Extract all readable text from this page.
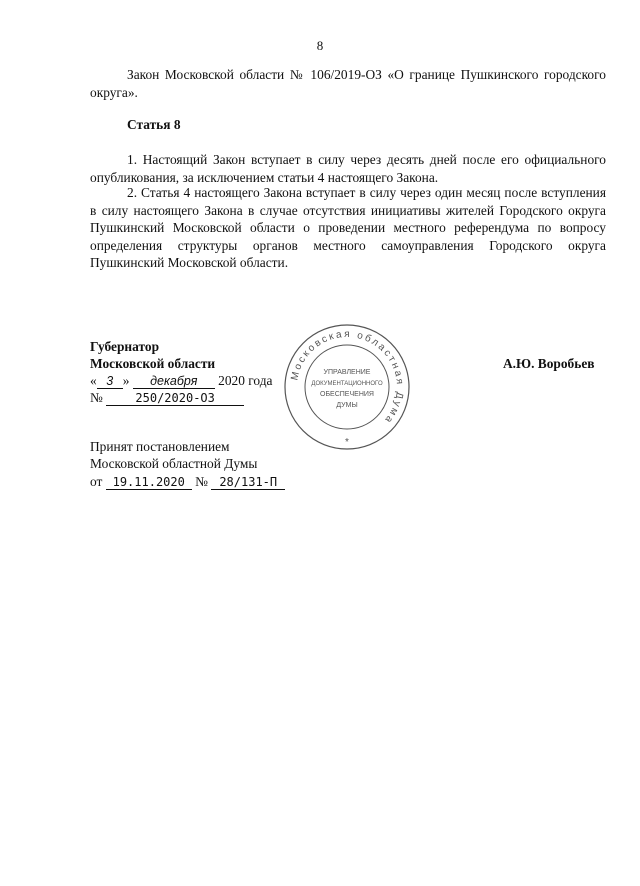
8
Закон Московской области № 106/2019-ОЗ «О границе Пушкинского городского округа».
Статья 8
1. Настоящий Закон вступает в силу через десять дней после его официального опубликования, за исключением статьи 4 настоящего Закона.
2. Статья 4 настоящего Закона вступает в силу через один месяц после вступления в силу настоящего Закона в случае отсутствия инициативы жителей Городского округа Пушкинский Московской области о проведении местного референдума по вопросу определения структуры органов местного самоуправления Городского округа Пушкинский Московской области.
Губернатор
Московской области	А.Ю. Воробьев
« 3 » декабря 2020 года
№	250/2020-ОЗ
Принят постановлением
Московской областной Думы
от 19.11.2020 № 28/131-П
Московская областная Дума
УПРАВЛЕНИЕ
ДОКУМЕНТАЦИОННОГО
ОБЕСПЕЧЕНИЯ
ДУМЫ
*
